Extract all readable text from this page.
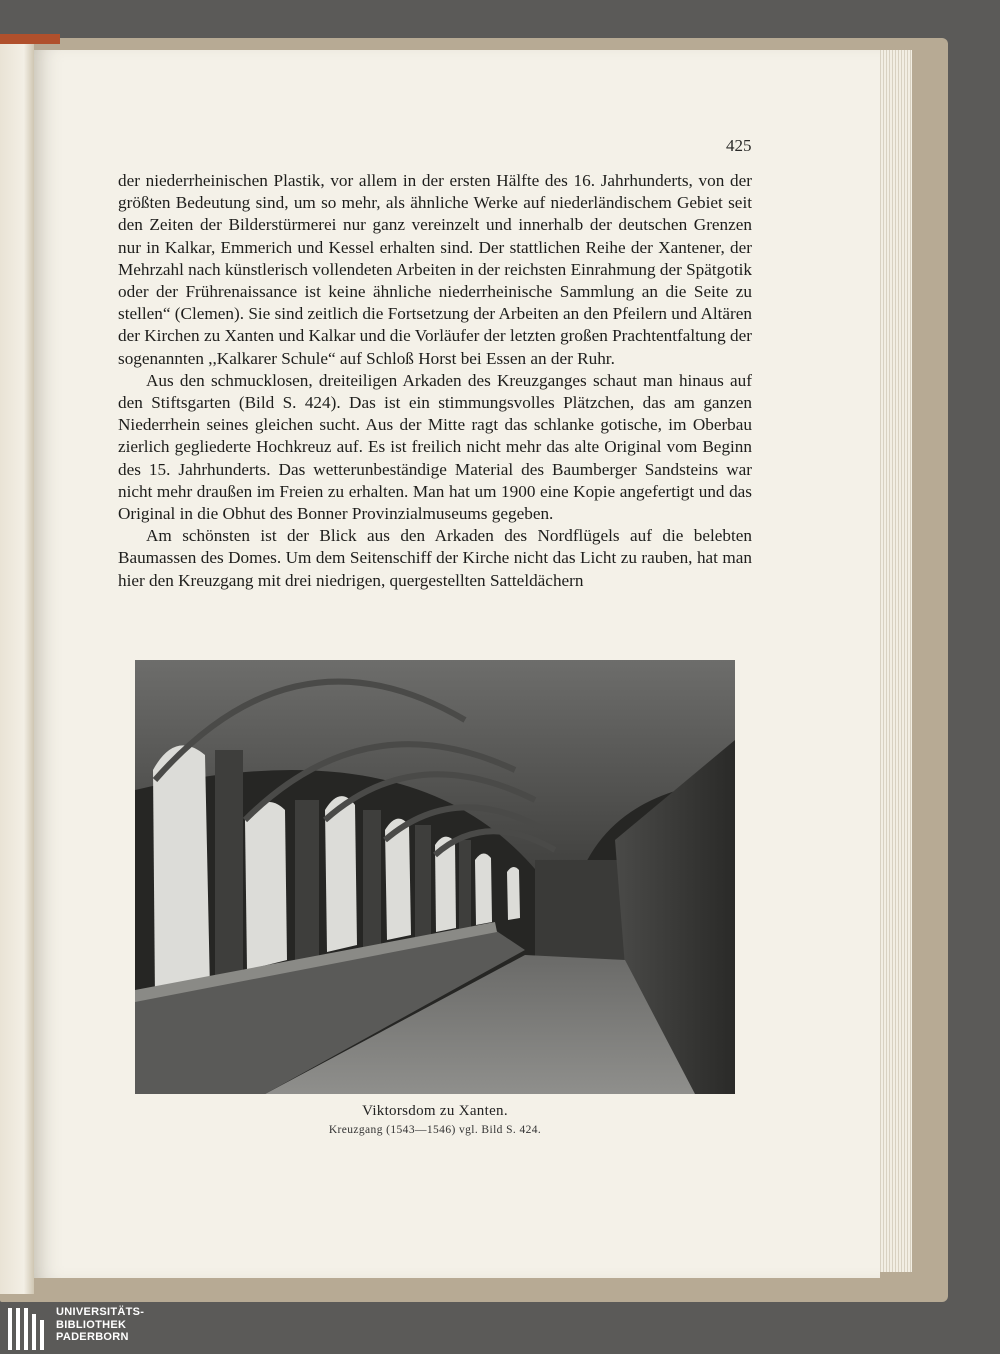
425

der niederrheinischen Plastik, vor allem in der ersten Hälfte des 16. Jahrhunderts, von der größten Bedeutung sind, um so mehr, als ähnliche Werke auf niederländischem Gebiet seit den Zeiten der Bilderstürmerei nur ganz vereinzelt und innerhalb der deutschen Grenzen nur in Kalkar, Emmerich und Kessel erhalten sind. Der stattlichen Reihe der Xantener, der Mehrzahl nach künstlerisch vollendeten Arbeiten in der reichsten Einrahmung der Spätgotik oder der Frührenaissance ist keine ähnliche niederrheinische Sammlung an die Seite zu stellen“ (Clemen). Sie sind zeitlich die Fortsetzung der Arbeiten an den Pfeilern und Altären der Kirchen zu Xanten und Kalkar und die Vorläufer der letzten großen Prachtentfaltung der sogenannten ,,Kalkarer Schule“ auf Schloß Horst bei Essen an der Ruhr.

Aus den schmucklosen, dreiteiligen Arkaden des Kreuzganges schaut man hinaus auf den Stiftsgarten (Bild S. 424). Das ist ein stimmungsvolles Plätzchen, das am ganzen Niederrhein seines gleichen sucht. Aus der Mitte ragt das schlanke gotische, im Oberbau zierlich gegliederte Hochkreuz auf. Es ist freilich nicht mehr das alte Original vom Beginn des 15. Jahrhunderts. Das wetterunbeständige Material des Baumberger Sandsteins war nicht mehr draußen im Freien zu erhalten. Man hat um 1900 eine Kopie angefertigt und das Original in die Obhut des Bonner Provinzialmuseums gegeben.

Am schönsten ist der Blick aus den Arkaden des Nordflügels auf die belebten Baumassen des Domes. Um dem Seitenschiff der Kirche nicht das Licht zu rauben, hat man hier den Kreuzgang mit drei niedrigen, quergestellten Satteldächern

Viktorsdom zu Xanten.
Kreuzgang (1543—1546) vgl. Bild S. 424.
UNIVERSITÄTS-
BIBLIOTHEK
PADERBORN
